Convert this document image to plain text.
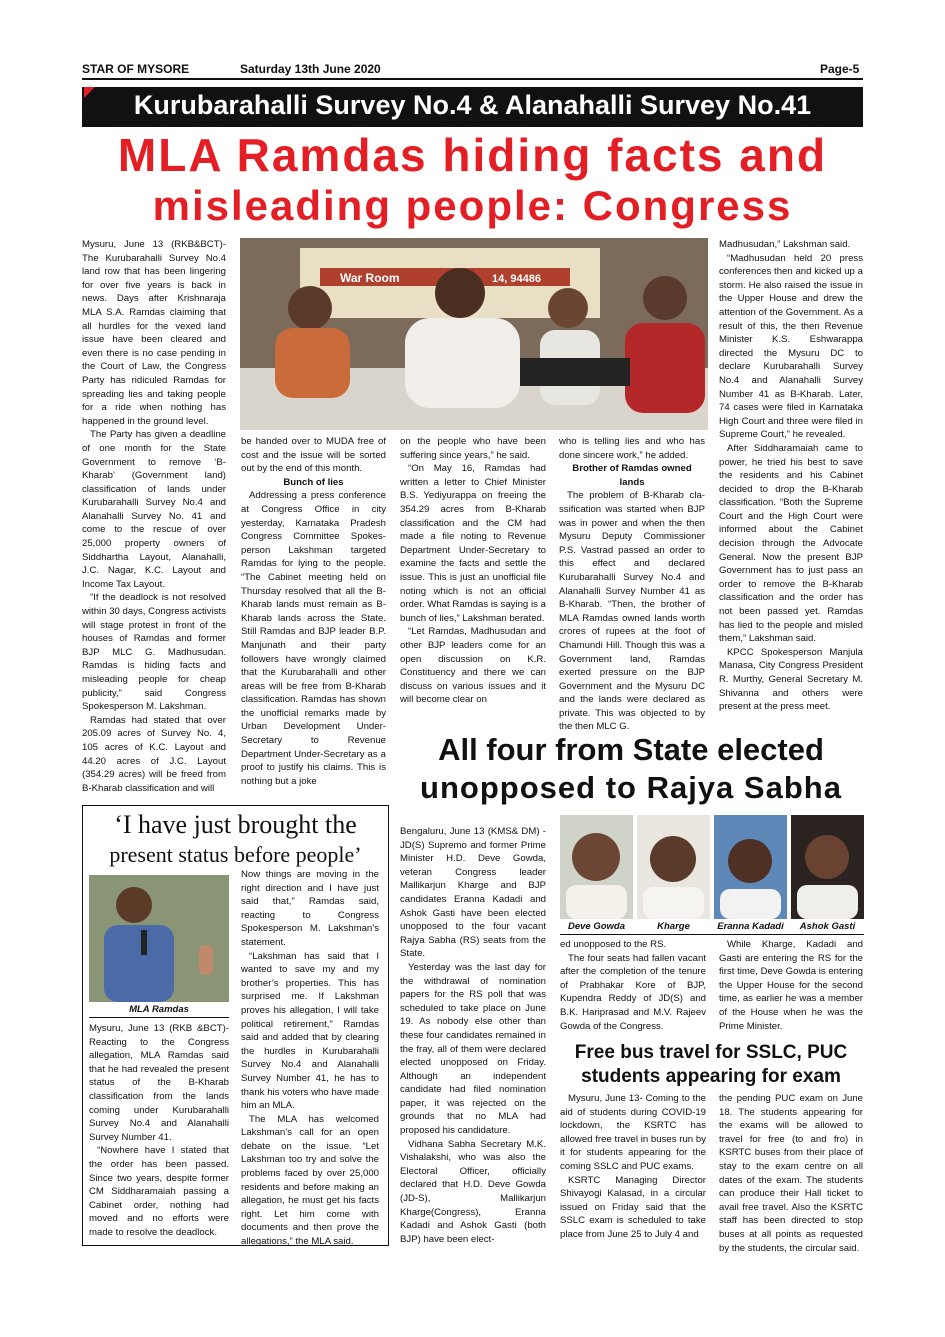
STAR OF MYSORE	Saturday 13th June 2020	Page-5
Kurubarahalli Survey No.4 & Alanahalli Survey No.41
MLA Ramdas hiding facts and
misleading people: Congress

Mysuru, June 13 (RKB&BCT)- The Kurubarahalli Survey No.4 land row that has been lingering for over five years is back in news. Days after Krishnaraja MLA S.A. Ramdas claiming that all hurdles for the vexed land issue have been cleared and even there is no case pending in the Court of Law, the Congress Party has ridiculed Ramdas for spreading lies and taking people for a ride when nothing has happened in the ground level.

The Party has given a deadline of one month for the State Government to remove ‘B-Kharab’ (Government land) classification of lands under Kurubarahalli Survey No.4 and Alanahalli Survey No. 41 and come to the rescue of over 25,000 property owners of Siddhartha Layout, Alanahalli, J.C. Nagar, K.C. Layout and Income Tax Layout.

“If the deadlock is not resolved within 30 days, Congress activists will stage protest in front of the houses of Ramdas and former BJP MLC G. Madhusudan. Ramdas is hiding facts and misleading people for cheap publicity,” said Congress Spokesperson M. Lakshman.

Ramdas had stated that over 205.09 acres of Survey No. 4, 105 acres of K.C. Layout and 44.20 acres of J.C. Layout (354.29 acres) will be freed from B-Kharab classification and will

War Room	14, 94486

be handed over to MUDA free of cost and the issue will be sorted out by the end of this month.

Bunch of lies

Addressing a press conference at Congress Office in city yesterday, Karnataka Pradesh Congress Committee Spokes-person Lakshman targeted Ramdas for lying to the people. “The Cabinet meeting held on Thursday resolved that all the B-Kharab lands must remain as B-Kharab lands across the State. Still Ramdas and BJP leader B.P. Manjunath and their party followers have wrongly claimed that the Kurubarahalli and other areas will be free from B-Kharab classification. Ramdas has shown the unofficial remarks made by Urban Development Under-Secretary to Revenue Department Under-Secretary as a proof to justify his claims. This is nothing but a joke

on the people who have been suffering since years,” he said.

“On May 16, Ramdas had written a letter to Chief Minister B.S. Yediyurappa on freeing the 354.29 acres from B-Kharab classification and the CM had made a file noting to Revenue Department Under-Secretary to examine the facts and settle the issue. This is just an unofficial file noting which is not an official order. What Ramdas is saying is a bunch of lies,” Lakshman berated.

“Let Ramdas, Madhusudan and other BJP leaders come for an open discussion on K.R. Constituency and there we can discuss on various issues and it will become clear on

who is telling lies and who has done sincere work,” he added.

Brother of Ramdas owned lands

The problem of B-Kharab cla-ssification was started when BJP was in power and when the then Mysuru Deputy Commissioner P.S. Vastrad passed an order to this effect and declared Kurubarahalli Survey No.4 and Alanahalli Survey Number 41 as B-Kharab. “Then, the brother of MLA Ramdas owned lands worth crores of rupees at the foot of Chamundi Hill. Though this was a Government land, Ramdas exerted pressure on the BJP Government and the Mysuru DC and the lands were declared as private. This was objected to by the then MLC G.

Madhusudan,” Lakshman said.

“Madhusudan held 20 press conferences then and kicked up a storm. He also raised the issue in the Upper House and drew the attention of the Government. As a result of this, the then Revenue Minister K.S. Eshwarappa directed the Mysuru DC to declare Kurubarahalli Survey No.4 and Alanahalli Survey Number 41 as B-Kharab. Later, 74 cases were filed in Karnataka High Court and three were filed in Supreme Court,” he revealed.

After Siddharamaiah came to power, he tried his best to save the residents and his Cabinet decided to drop the B-Kharab classification. “Both the Supreme Court and the High Court were informed about the Cabinet decision through the Advocate General. Now the present BJP Government has to just pass an order to remove the B-Kharab classification and the order has not been passed yet. Ramdas has lied to the people and misled them,” Lakshman said.

KPCC Spokesperson Manjula Manasa, City Congress President R. Murthy, General Secretary M. Shivanna and others were present at the press meet.

All four from State elected
unopposed to Rajya Sabha
‘I have just brought the
present status before people’
MLA Ramdas

Mysuru, June 13 (RKB &BCT)- Reacting to the Congress allegation, MLA Ramdas said that he had revealed the present status of the B-Kharab classification from the lands coming under Kurubarahalli Survey No.4 and Alanahalli Survey Number 41.

“Nowhere have I stated that the order has been passed. Since two years, despite former CM Siddharamaiah passing a Cabinet order, nothing had moved and no efforts were made to resolve the deadlock.

Now things are moving in the right direction and I have just said that,” Ramdas said, reacting to Congress Spokesperson M. Lakshman’s statement.

“Lakshman has said that I wanted to save my and my brother’s properties. This has surprised me. If Lakshman proves his allegation, I will take political retirement,” Ramdas said and added that by clearing the hurdles in Kurubarahalli Survey No.4 and Alanahalli Survey Number 41, he has to thank his voters who have made him an MLA.

The MLA has welcomed Lakshman’s call for an open debate on the issue. “Let Lakshman too try and solve the problems faced by over 25,000 residents and before making an allegation, he must get his facts right. Let him come with documents and then prove the allegations,” the MLA said.

Bengaluru, June 13 (KMS& DM) - JD(S) Supremo and former Prime Minister H.D. Deve Gowda, veteran Congress leader Mallikarjun Kharge and BJP candidates Eranna Kadadi and Ashok Gasti have been elected unopposed to the four vacant Rajya Sabha (RS) seats from the State.

Yesterday was the last day for the withdrawal of nomination papers for the RS poll that was scheduled to take place on June 19. As nobody else other than these four candidates remained in the fray, all of them were declared elected unopposed on Friday. Although an independent candidate had filed nomination paper, it was rejected on the grounds that no MLA had proposed his candidature.

Vidhana Sabha Secretary M.K. Vishalakshi, who was also the Electoral Officer, officially declared that H.D. Deve Gowda (JD-S), Mallikarjun Kharge(Congress), Eranna Kadadi and Ashok Gasti (both BJP) have been elect-

Deve Gowda	Kharge	Eranna Kadadi	Ashok Gasti

ed unopposed to the RS.

The four seats had fallen vacant after the completion of the tenure of Prabhakar Kore of BJP, Kupendra Reddy of JD(S) and B.K. Hariprasad and M.V. Rajeev Gowda of the Congress.

While Kharge, Kadadi and Gasti are entering the RS for the first time, Deve Gowda is entering the Upper House for the second time, as earlier he was a member of the House when he was the Prime Minister.

Free bus travel for SSLC, PUC
students appearing for exam

Mysuru, June 13- Coming to the aid of students during COVID-19 lockdown, the KSRTC has allowed free travel in buses run by it for students appearing for the coming SSLC and PUC exams.

KSRTC Managing Director Shivayogi Kalasad, in a circular issued on Friday said that the SSLC exam is scheduled to take place from June 25 to July 4 and

the pending PUC exam on June 18. The students appearing for the exams will be allowed to travel for free (to and fro) in KSRTC buses from their place of stay to the exam centre on all dates of the exam. The students can produce their Hall ticket to avail free travel. Also the KSRTC staff has been directed to stop buses at all points as requested by the students, the circular said.
